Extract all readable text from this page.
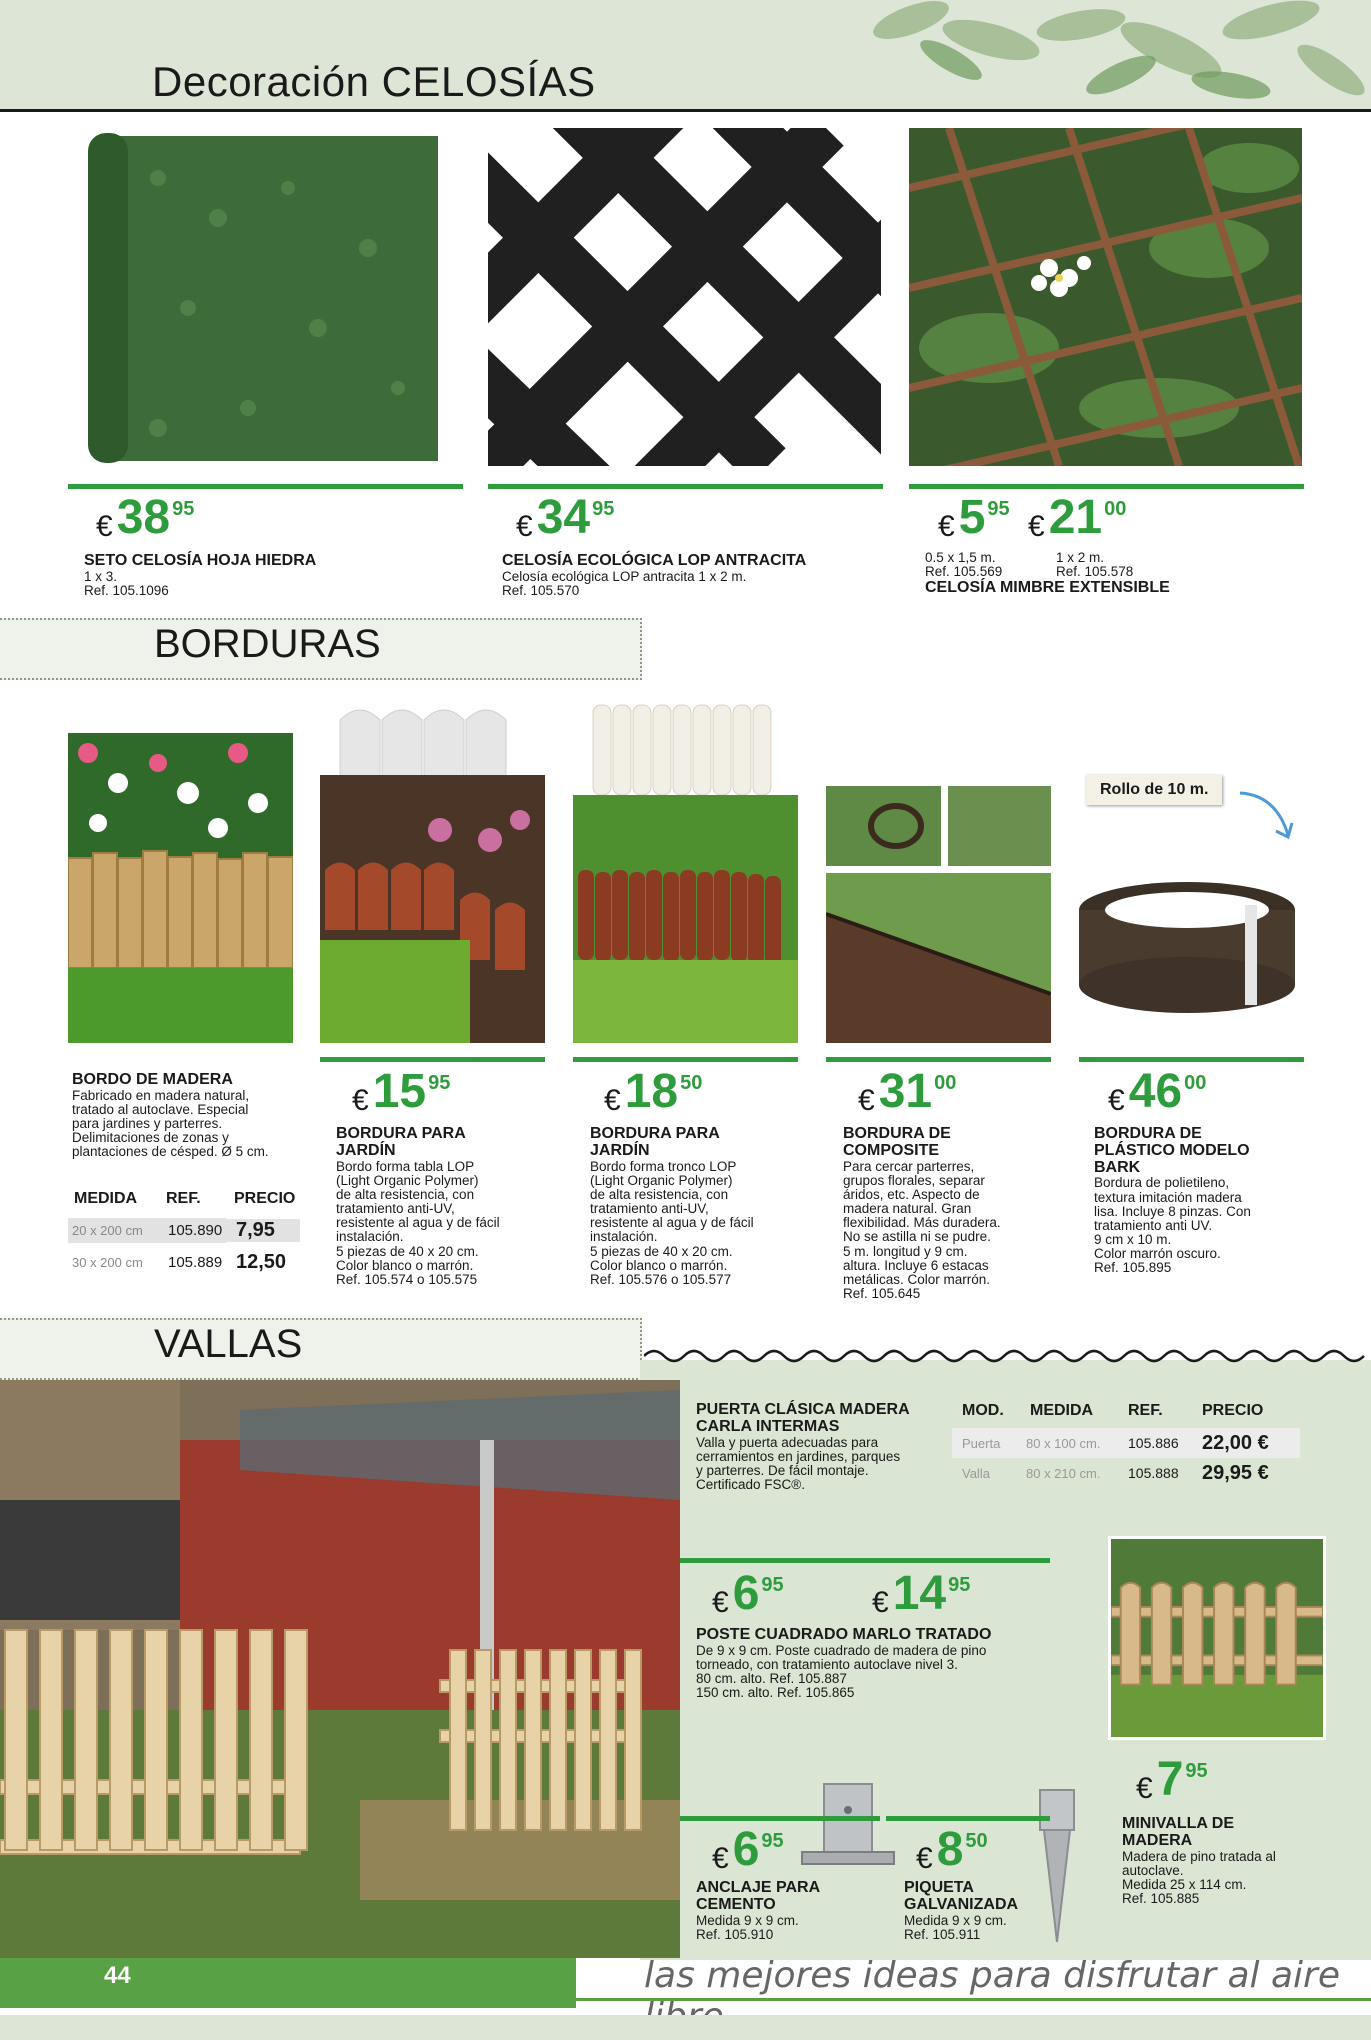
Decoración CELOSÍAS
€ 38 95
SETO CELOSÍA HOJA HIEDRA
1 x 3.
Ref. 105.1096
€ 34 95
CELOSÍA ECOLÓGICA LOP ANTRACITA
Celosía ecológica LOP antracita 1 x 2 m.
Ref. 105.570
€ 5 95
€ 21 00
0.5 x 1,5 m.
Ref. 105.569
1 x 2 m.
Ref. 105.578
CELOSÍA MIMBRE EXTENSIBLE
BORDURAS
Rollo de 10 m.
BORDO DE MADERA
Fabricado en madera natural,
tratado al autoclave. Especial
para jardines y parterres.
Delimitaciones de zonas y
plantaciones de césped. Ø 5 cm.
MEDIDA	REF.	PRECIO
20 x 200 cm	105.890 7,95
30 x 200 cm	105.889 12,50
€ 15 95
BORDURA PARA
JARDÍN
Bordo forma tabla LOP
(Light Organic Polymer)
de alta resistencia, con
tratamiento anti-UV,
resistente al agua y de fácil
instalación.
5 piezas de 40 x 20 cm.
Color blanco o marrón.
Ref. 105.574 o 105.575
€ 18 50
BORDURA PARA
JARDÍN
Bordo forma tronco LOP
(Light Organic Polymer)
de alta resistencia, con
tratamiento anti-UV,
resistente al agua y de fácil
instalación.
5 piezas de 40 x 20 cm.
Color blanco o marrón.
Ref. 105.576 o 105.577
€ 31 00
BORDURA DE
COMPOSITE
Para cercar parterres,
grupos florales, separar
áridos, etc. Aspecto de
madera natural. Gran
flexibilidad. Más duradera.
No se astilla ni se pudre.
5 m. longitud y 9 cm.
altura. Incluye 6 estacas
metálicas. Color marrón.
Ref. 105.645
€ 46 00
BORDURA DE
PLÁSTICO MODELO
BARK
Bordura de polietileno,
textura imitación madera
lisa. Incluye 8 pinzas. Con
tratamiento anti UV.
9 cm x 10 m.
Color marrón oscuro.
Ref. 105.895
VALLAS
PUERTA CLÁSICA MADERA
CARLA INTERMAS
Valla y puerta adecuadas para
cerramientos en jardines, parques
y parterres. De fácil montaje.
Certificado FSC®.
MOD.	MEDIDA	REF.	PRECIO
Puerta	80 x 100 cm.	105.886	22,00 €
Valla	80 x 210 cm.	105.888	29,95 €
€ 6 95
€ 14 95
POSTE CUADRADO MARLO TRATADO
De 9 x 9 cm. Poste cuadrado de madera de pino
torneado, con tratamiento autoclave nivel 3.
80 cm. alto. Ref. 105.887
150 cm. alto. Ref. 105.865
€ 7 95
MINIVALLA DE
MADERA
Madera de pino tratada al
autoclave.
Medida 25 x 114 cm.
Ref. 105.885
€ 6 95
ANCLAJE PARA
CEMENTO
Medida 9 x 9 cm.
Ref. 105.910
€ 8 50
PIQUETA
GALVANIZADA
Medida 9 x 9 cm.
Ref. 105.911
44	las mejores ideas para disfrutar al aire
